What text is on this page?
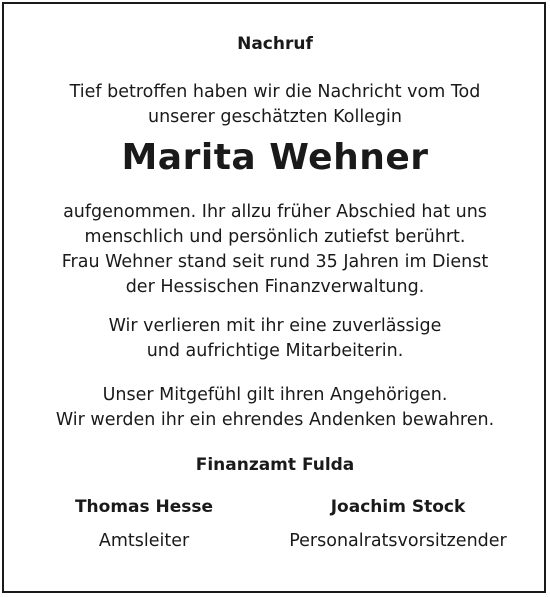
Nachruf
Tief betroffen haben wir die Nachricht vom Tod
unserer geschätzten Kollegin
Marita Wehner
aufgenommen. Ihr allzu früher Abschied hat uns
menschlich und persönlich zutiefst berührt.
Frau Wehner stand seit rund 35 Jahren im Dienst
der Hessischen Finanzverwaltung.
Wir verlieren mit ihr eine zuverlässige
und aufrichtige Mitarbeiterin.
Unser Mitgefühl gilt ihren Angehörigen.
Wir werden ihr ein ehrendes Andenken bewahren.
Finanzamt Fulda
Thomas Hesse
Amtsleiter
Joachim Stock
Personalratsvorsitzender
